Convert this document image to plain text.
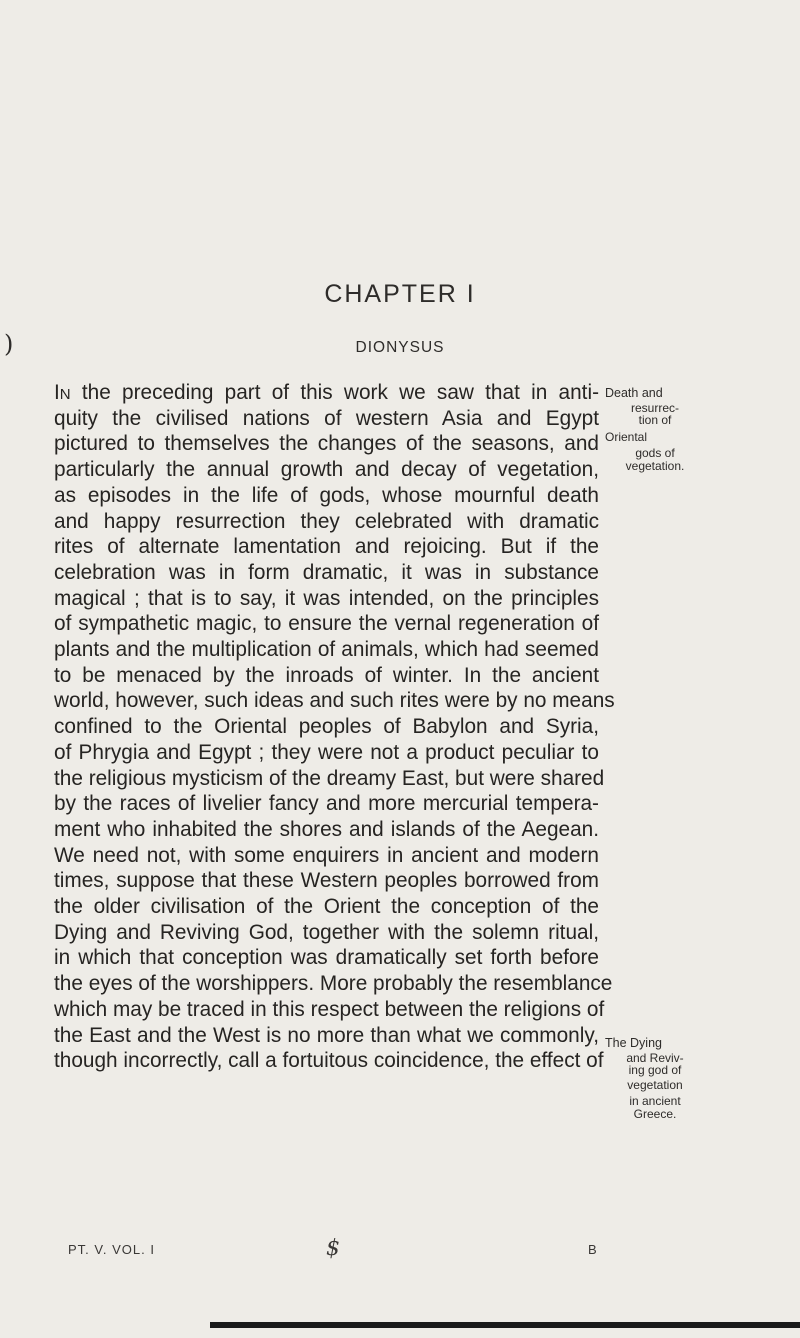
)
CHAPTER I
DIONYSUS
In the preceding part of this work we saw that in anti-
quity the civilised nations of western Asia and Egypt
pictured to themselves the changes of the seasons, and
particularly the annual growth and decay of vegetation,
as episodes in the life of gods, whose mournful death
and happy resurrection they celebrated with dramatic
rites of alternate lamentation and rejoicing. But if the
celebration was in form dramatic, it was in substance
magical ; that is to say, it was intended, on the principles
of sympathetic magic, to ensure the vernal regeneration of
plants and the multiplication of animals, which had seemed
to be menaced by the inroads of winter. In the ancient
world, however, such ideas and such rites were by no means
confined to the Oriental peoples of Babylon and Syria,
of Phrygia and Egypt ; they were not a product peculiar to
the religious mysticism of the dreamy East, but were shared
by the races of livelier fancy and more mercurial tempera-
ment who inhabited the shores and islands of the Aegean.
We need not, with some enquirers in ancient and modern
times, suppose that these Western peoples borrowed from
the older civilisation of the Orient the conception of the
Dying and Reviving God, together with the solemn ritual,
in which that conception was dramatically set forth before
the eyes of the worshippers. More probably the resemblance
which may be traced in this respect between the religions of
the East and the West is no more than what we commonly,
though incorrectly, call a fortuitous coincidence, the effect of
Death and
resurrec-
tion of
Oriental
gods of
vegetation.
The Dying
and Reviv-
ing god of
vegetation
in ancient
Greece.
PT. V. VOL. I	$	B
